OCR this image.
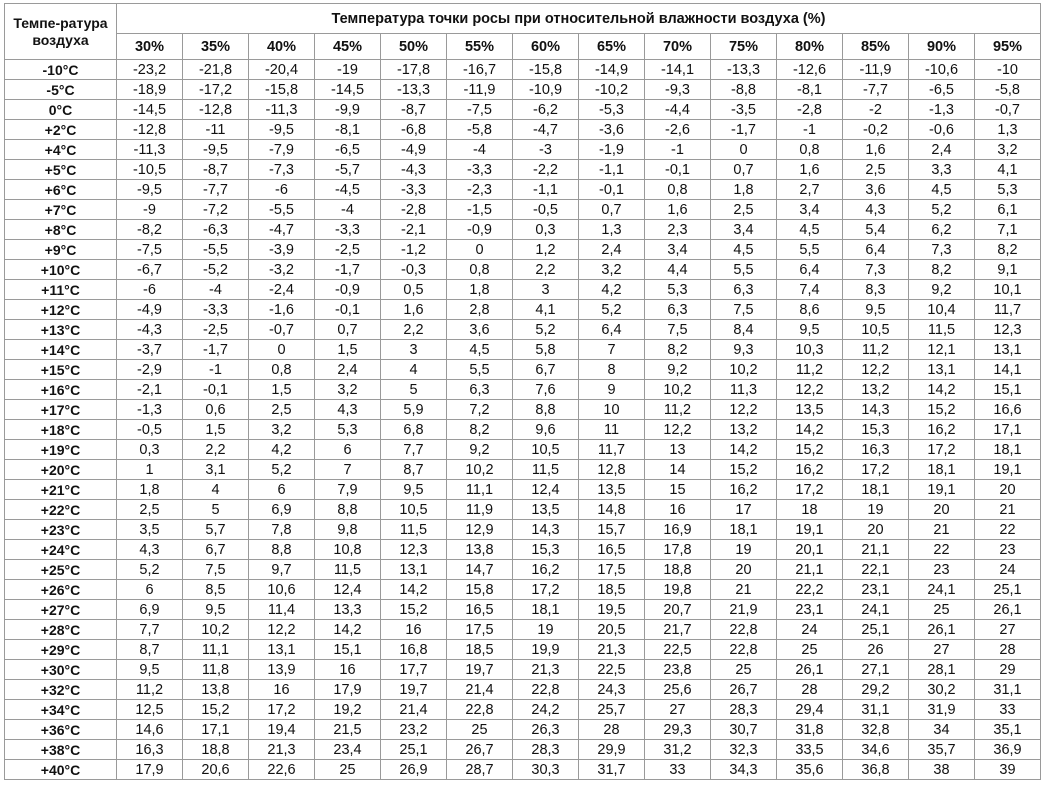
Темпе-ратура воздуха	Температура точки росы при относительной влажности воздуха (%)													
	30%	35%	40%	45%	50%	55%	60%	65%	70%	75%	80%	85%	90%	95%
-10°C	-23,2	-21,8	-20,4	-19	-17,8	-16,7	-15,8	-14,9	-14,1	-13,3	-12,6	-11,9	-10,6	-10
-5°C	-18,9	-17,2	-15,8	-14,5	-13,3	-11,9	-10,9	-10,2	-9,3	-8,8	-8,1	-7,7	-6,5	-5,8
0°C	-14,5	-12,8	-11,3	-9,9	-8,7	-7,5	-6,2	-5,3	-4,4	-3,5	-2,8	-2	-1,3	-0,7
+2°C	-12,8	-11	-9,5	-8,1	-6,8	-5,8	-4,7	-3,6	-2,6	-1,7	-1	-0,2	-0,6	1,3
+4°C	-11,3	-9,5	-7,9	-6,5	-4,9	-4	-3	-1,9	-1	0	0,8	1,6	2,4	3,2
+5°C	-10,5	-8,7	-7,3	-5,7	-4,3	-3,3	-2,2	-1,1	-0,1	0,7	1,6	2,5	3,3	4,1
+6°C	-9,5	-7,7	-6	-4,5	-3,3	-2,3	-1,1	-0,1	0,8	1,8	2,7	3,6	4,5	5,3
+7°C	-9	-7,2	-5,5	-4	-2,8	-1,5	-0,5	0,7	1,6	2,5	3,4	4,3	5,2	6,1
+8°C	-8,2	-6,3	-4,7	-3,3	-2,1	-0,9	0,3	1,3	2,3	3,4	4,5	5,4	6,2	7,1
+9°C	-7,5	-5,5	-3,9	-2,5	-1,2	0	1,2	2,4	3,4	4,5	5,5	6,4	7,3	8,2
+10°C	-6,7	-5,2	-3,2	-1,7	-0,3	0,8	2,2	3,2	4,4	5,5	6,4	7,3	8,2	9,1
+11°C	-6	-4	-2,4	-0,9	0,5	1,8	3	4,2	5,3	6,3	7,4	8,3	9,2	10,1
+12°C	-4,9	-3,3	-1,6	-0,1	1,6	2,8	4,1	5,2	6,3	7,5	8,6	9,5	10,4	11,7
+13°C	-4,3	-2,5	-0,7	0,7	2,2	3,6	5,2	6,4	7,5	8,4	9,5	10,5	11,5	12,3
+14°C	-3,7	-1,7	0	1,5	3	4,5	5,8	7	8,2	9,3	10,3	11,2	12,1	13,1
+15°C	-2,9	-1	0,8	2,4	4	5,5	6,7	8	9,2	10,2	11,2	12,2	13,1	14,1
+16°C	-2,1	-0,1	1,5	3,2	5	6,3	7,6	9	10,2	11,3	12,2	13,2	14,2	15,1
+17°C	-1,3	0,6	2,5	4,3	5,9	7,2	8,8	10	11,2	12,2	13,5	14,3	15,2	16,6
+18°C	-0,5	1,5	3,2	5,3	6,8	8,2	9,6	11	12,2	13,2	14,2	15,3	16,2	17,1
+19°C	0,3	2,2	4,2	6	7,7	9,2	10,5	11,7	13	14,2	15,2	16,3	17,2	18,1
+20°C	1	3,1	5,2	7	8,7	10,2	11,5	12,8	14	15,2	16,2	17,2	18,1	19,1
+21°C	1,8	4	6	7,9	9,5	11,1	12,4	13,5	15	16,2	17,2	18,1	19,1	20
+22°C	2,5	5	6,9	8,8	10,5	11,9	13,5	14,8	16	17	18	19	20	21
+23°C	3,5	5,7	7,8	9,8	11,5	12,9	14,3	15,7	16,9	18,1	19,1	20	21	22
+24°C	4,3	6,7	8,8	10,8	12,3	13,8	15,3	16,5	17,8	19	20,1	21,1	22	23
+25°C	5,2	7,5	9,7	11,5	13,1	14,7	16,2	17,5	18,8	20	21,1	22,1	23	24
+26°C	6	8,5	10,6	12,4	14,2	15,8	17,2	18,5	19,8	21	22,2	23,1	24,1	25,1
+27°C	6,9	9,5	11,4	13,3	15,2	16,5	18,1	19,5	20,7	21,9	23,1	24,1	25	26,1
+28°C	7,7	10,2	12,2	14,2	16	17,5	19	20,5	21,7	22,8	24	25,1	26,1	27
+29°C	8,7	11,1	13,1	15,1	16,8	18,5	19,9	21,3	22,5	22,8	25	26	27	28
+30°C	9,5	11,8	13,9	16	17,7	19,7	21,3	22,5	23,8	25	26,1	27,1	28,1	29
+32°C	11,2	13,8	16	17,9	19,7	21,4	22,8	24,3	25,6	26,7	28	29,2	30,2	31,1
+34°C	12,5	15,2	17,2	19,2	21,4	22,8	24,2	25,7	27	28,3	29,4	31,1	31,9	33
+36°C	14,6	17,1	19,4	21,5	23,2	25	26,3	28	29,3	30,7	31,8	32,8	34	35,1
+38°C	16,3	18,8	21,3	23,4	25,1	26,7	28,3	29,9	31,2	32,3	33,5	34,6	35,7	36,9
+40°C	17,9	20,6	22,6	25	26,9	28,7	30,3	31,7	33	34,3	35,6	36,8	38	39
